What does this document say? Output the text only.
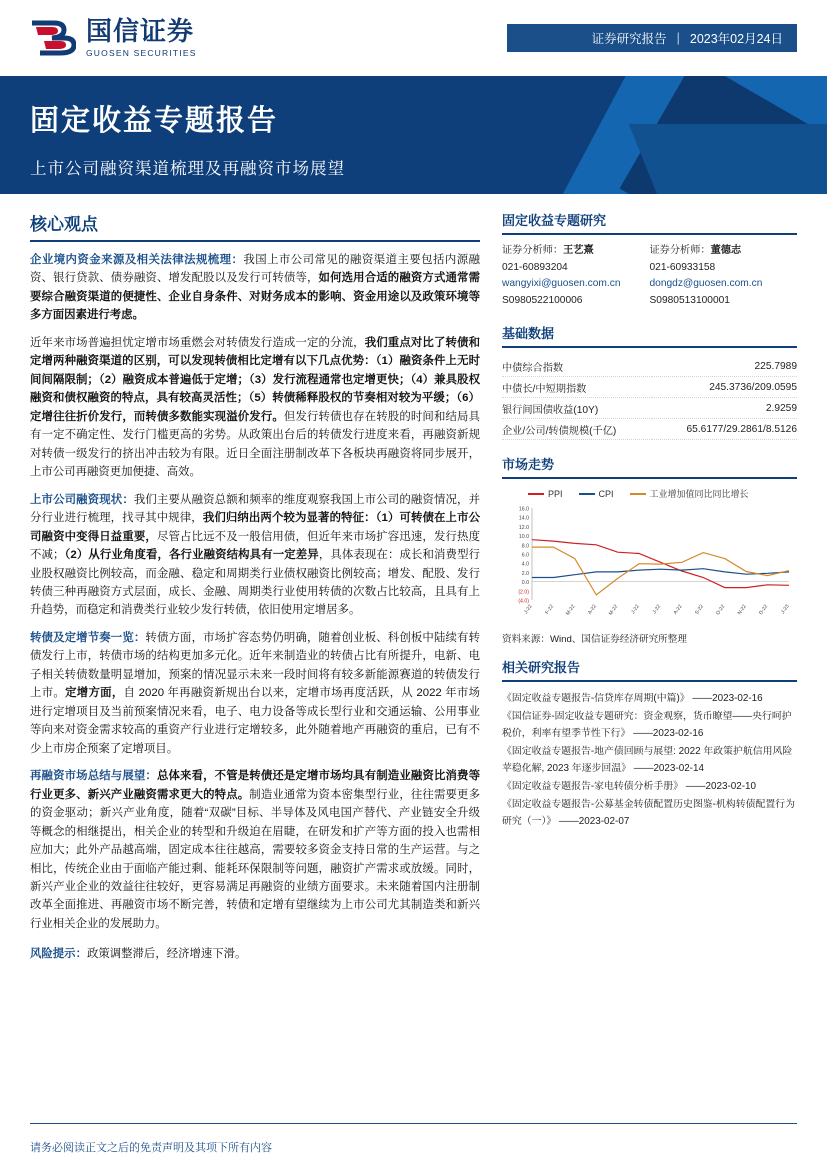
国信证券
GUOSEN SECURITIES
证券研究报告 | 2023年02月24日
固定收益专题报告
上市公司融资渠道梳理及再融资市场展望
核心观点

企业境内资金来源及相关法律法规梳理：我国上市公司常见的融资渠道主要包括内源融资、银行贷款、债券融资、增发配股以及发行可转债等，如何选用合适的融资方式通常需要综合融资渠道的便捷性、企业自身条件、对财务成本的影响、资金用途以及政策环境等多方面因素进行考虑。

近年来市场普遍担忧定增市场重燃会对转债发行造成一定的分流，我们重点对比了转债和定增两种融资渠道的区别，可以发现转债相比定增有以下几点优势：（1）融资条件上无时间间隔限制；（2）融资成本普遍低于定增；（3）发行流程通常也定增更快；（4）兼具股权融资和债权融资的特点，具有较高灵活性；（5）转债稀释股权的节奏相对较为平缓；（6）定增往往折价发行，而转债多数能实现溢价发行。但发行转债也存在转股的时间和结局具有一定不确定性、发行门槛更高的劣势。从政策出台后的转债发行进度来看，再融资新规对转债一级发行的挤出冲击较为有限。近日全面注册制改革下各板块再融资将同步展开，上市公司再融资更加便捷、高效。

上市公司融资现状：我们主要从融资总额和频率的维度观察我国上市公司的融资情况，并分行业进行梳理，找寻其中规律，我们归纳出两个较为显著的特征：（1）可转债在上市公司融资中变得日益重要，尽管占比远不及一般信用债，但近年来市场扩容迅速，发行热度不减；（2）从行业角度看，各行业融资结构具有一定差异，具体表现在：成长和消费型行业股权融资比例较高，而金融、稳定和周期类行业债权融资比例较高；增发、配股、发行转债三种再融资方式层面，成长、金融、周期类行业使用转债的次数占比较高，且具有上升趋势，而稳定和消费类行业较少发行转债，依旧使用定增居多。

转债及定增节奏一览：转债方面，市场扩容态势仍明确，随着创业板、科创板中陆续有转债发行上市，转债市场的结构更加多元化。近年来制造业的转债占比有所提升，电新、电子相关转债数量明显增加，预案的情况显示未来一段时间将有较多新能源赛道的转债发行上市。定增方面，自 2020 年再融资新规出台以来，定增市场再度活跃，从 2022 年市场进行定增项目及当前预案情况来看，电子、电力设备等成长型行业和交通运输、公用事业等向来对资金需求较高的重资产行业进行定增较多，此外随着地产再融资的重启，已有不少上市房企预案了定增项目。

再融资市场总结与展望：总体来看，不管是转债还是定增市场均具有制造业融资比消费等行业更多、新兴产业融资需求更大的特点。制造业通常为资本密集型行业，往往需要更多的资金驱动；新兴产业角度，随着“双碳”目标、半导体及风电国产替代、产业链安全升级等概念的相继提出，相关企业的转型和升级迫在眉睫，在研发和扩产等方面的投入也需相应加大；此外产品越高端，固定成本往往越高，需要较多资金支持日常的生产运营。与之相比，传统企业由于面临产能过剩、能耗环保限制等问题，融资扩产需求或放缓。同时，新兴产业企业的效益往往较好，更容易满足再融资的业绩方面要求。未来随着国内注册制改革全面推进、再融资市场不断完善，转债和定增有望继续为上市公司尤其制造类和新兴行业相关企业的发展助力。

风险提示：政策调整滞后，经济增速下滑。

固定收益专题研究
证券分析师：王艺熹
021-60893204
wangyixi@guosen.com.cn
S0980522100006
证券分析师：董德志
021-60933158
dongdz@guosen.com.cn
S0980513100001
基础数据
中债综合指数	225.7989
中债长/中短期指数	245.3736/209.0595
银行间国债收益(10Y)	2.9259
企业/公司/转债规模(千亿)	65.6177/29.2861/8.5126
市场走势
PPI	CPI	工业增加值同比同比增长
16.0
14.0
12.0
10.0
8.0
6.0
4.0
2.0
0.0
(2.0)
(4.0)
J-22 F-22 M-22 A-22 M-22 J-22 J-22 A-22 S-22 O-22 N-22 D-22 J-23
资料来源：Wind、国信证券经济研究所整理
相关研究报告
《固定收益专题报告-信贷库存周期(中篇)》 ——2023-02-16
《国信证券-固定收益专题研究：资金观察，货币瞭望——央行呵护税价，利率有望季节性下行》 ——2023-02-16
《固定收益专题报告-地产债回顾与展望: 2022 年政策护航信用风险苹稳化解, 2023 年逐步回温》 ——2023-02-14
《固定收益专题报告-家电转债分析手册》 ——2023-02-10
《固定收益专题报告-公募基金转债配置历史图鉴-机构转债配置行为研究（一）》 ——2023-02-07
请务必阅读正文之后的免责声明及其项下所有内容
